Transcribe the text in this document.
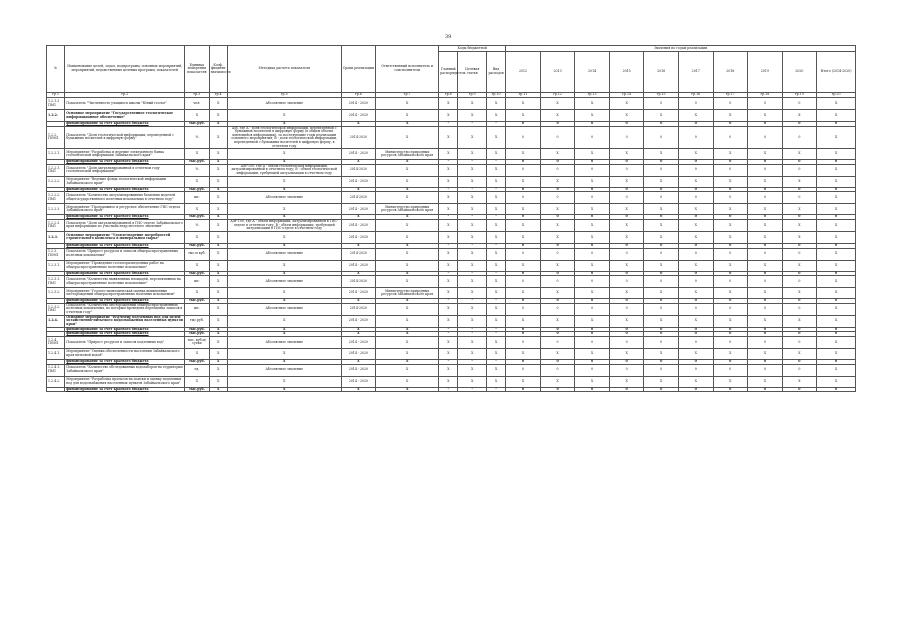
39
№	Наименование целей, задач, подпрограмм, основных мероприятий, мероприятий, ведомственных целевых программ, показателей	Единица измерения показателя	Коэф. фициент значимости	Методика расчета показателя	Сроки реализации	Ответственный исполнитель и соисполнители	Коды бюджетной			Значения по годам реализации									
							Главный распорядитель	Целевая статья	Вид расходов	2012	2013	2014	2015	2016	2017	2018	2019	2020	Итого (2014-2020)
гр.1	гр.2	гр.3	гр.4	гр.5	гр.6	гр.7	гр.8	гр.9	гр.10	гр.11	гр.12	гр.13	гр.14	гр.15	гр.16	гр.17	гр.18	гр.19	гр.20
1.2.1.3 ПМ1	Показатель "Численность учащихся школы "Юный геолог"	чел.	X	Абсолютное значение	2014 - 2020	X	X	X	X	X	X	X	X	0	0	0	0	0	X
1.2.2.	Основное мероприятие "Государственное геологическое информационное обеспечение"	X	X	X	2014 - 2020	X	X	X	X	X	X	X	X	X	X	X	X	X	X
	финансирование за счет краевого бюджета	тыс.руб.	X	X	X	X	-	-	-	0	0	0	0	0	0	0	0	0	0
1.2.2. ПОМ1	Показатель "Доля геологической информации, переведенной с бумажных носителей в цифровую форму"	%	X	A/B, где A - доля геологической информации, переведенной с бумажных носителей в цифровую форму (в общем объеме имеющейся информации), за последующие годы реализации основного мероприятия; B - доля геологической информации, переведенной с бумажных носителей в цифровую форму, в отчетном году	2014-2020	X	X	X	X	0	0	0	0	0	0	0	0	0	X
1.2.2.1.	Мероприятие "Разработка и ведение электронного банка геологической информации Забайкальского края"	X	X	X	2014 - 2020	Министерство природных ресурсов Забайкальского края	X	X	X	X	X	X	X	X	X	X	X	X	X
	финансирование за счет краевого бюджета	тыс.руб.	X	X	X	X	-	-	-	0	0	0	0	0	0	0	0	0	0
1.2.2.1. ПМ1	Показатель "Доля актуализированной в отчетном году геологической информации"	%	X	A/B*100, где A - объем геологической информации, актуализированной в отчетном году; B - объем геологической информации, требующей актуализации в отчетном году	2014-2020	X	X	X	X	0	0	0	0	0	0	0	0	0	X
1.2.2.2.	Мероприятие "Ведение фонда геологической информации Забайкальского края"	X	X	X	2014 - 2020	X	X	X	X	X	X	X	X	X	X	X	X	X	X
	финансирование за счет краевого бюджета	тыс.руб.	X	X	X	X	-	-	-	0	0	0	0	0	0	0	0	0	0
1.2.2.2. ПМ1	Показатель "Количество актуализированных базисных моделей общегосударственного полезных ископаемых в отчетном году"	шт.	X	Абсолютное значение	2014-2020	X	X	X	X	0	0	0	0	0	0	0	0	0	X
1.2.2.3.	Мероприятие "Программное и ресурсное обеспечение ГИС-отдела Забайкальского края"	X	X	X	2014 - 2020	Министерство природных ресурсов Забайкальского края	X	X	X	X	X	X	X	X	X	X	X	X	X
	финансирование за счет краевого бюджета	тыс.руб.	X	X	X	X	-	-	-	0	0	0	0	0	0	0	0	0	0
1.2.2.3. ПМ1	Показатель "Доля актуализированной в ГИС-отделе Забайкальского края информации по участкам недр местного значения"	%	X	A/B*100, где A - объем информации, актуализированной в ГИС-отделе в отчетном году; B - объем информации, требующей актуализации в ГИС-отделе в отчетном году	2014 - 2020	X	X	X	X	X	X	X	X	X	X	X	X	X	X
1.2.3.	Основное мероприятие "Удовлетворение потребностей строительного комплекса в минеральном сырье"	X	X	X	2014 - 2020	X	X	X	X	X	X	X	X	X	X	X	X	X	X
	финансирование за счет краевого бюджета	тыс.руб.	X	X	X	X	-	-	-	0	0	0	0	0	0	0	0	0	0
1.2.3. ПОМ1	Показатель "Прирост ресурсов и запасов общераспространенных полезных ископаемых"	тыс.м куб.	X	Абсолютное значение	2014-2020	X	X	X	X	0	0	0	0	0	0	0	0	0	X
1.2.3.1.	Мероприятие "Проведение геологоразведочных работ на общераспространенные полезные ископаемые"	X	X	X	2014 - 2020	X	X	X	X	X	X	X	X	X	X	X	X	X	X
	финансирование за счет краевого бюджета	тыс.руб.	X	X	X	X	-	-	-	0	0	0	0	0	0	0	0	0	0
1.2.3.1. ПМ1	Показатель "Количество выявленных площадей, перспективных на общераспространенные полезные ископаемые"	шт.	X	Абсолютное значение	2014-2020	X	X	X	X	0	0	0	0	0	0	0	0	0	X
1.2.3.2.	Мероприятие "Геолого-экономическая оценка выявленных месторождений общераспространенных полезных ископаемых"	X	X	X	2014 - 2020	Министерство природных ресурсов Забайкальского края	X	X	X	X	X	X	X	X	X	X	X	X	X
	финансирование за счет краевого бюджета	тыс.руб.	X	X	X	X	-	-	-	0	0	0	0	0	0	0	0	0	0
1.2.3.2. ПМ1	Показатель "Количество месторождений общераспространенных полезных ископаемых, по которым проведена переоценка запасов в отчетном году"	шт.	X	Абсолютное значение	2014-2020	X	X	X	X	0	0	0	0	0	0	0	0	0	X
1.2.4.	Основное мероприятие "Изучение подземных вод для целей хозяйственно-питьевого водоснабжения населенных пунктов края"	тыс.руб.	X	X	2014 - 2020	X	X	X	X	X	X	X	X	X	X	X	X	X	X
	финансирование за счет краевого бюджета	тыс.руб.	X	X	X	X	-	-	-	0	0	0	0	0	0	0	0	0	0
	финансирование за счет краевого бюджета	тыс.руб.	X	X	X	X	-	-	-	0	0	0	0	0	0	0	0	0	0
1.2.4. ПОМ1	Показатель "Прирост ресурсов и запасов подземных вод"	тыс. куб.м/сутки	X	Абсолютное значение	2014 - 2020	X	X	X	X	0	0	0	0	0	0	0	0	0	X
1.2.4.1.	Мероприятие "Оценка обеспеченности населения Забайкальского края питьевой водой"	X	X	X	2014 - 2020	X	X	X	X	X	X	X	X	X	X	X	X	X	X
	финансирование за счет краевого бюджета	тыс.руб.	X	X	X	X	-	-	-	0	0	0	0	0	0	0	0	0	0
1.2.4.1. ПМ1	Показатель "Количество обследованных водозаборов на территории Забайкальского края"	ед.	X	Абсолютное значение	2014 - 2020	X	X	X	X	0	0	0	0	0	0	0	0	0	X
1.2.4.2.	Мероприятие "Разработка проектов на поиски и оценку подземных вод для водоснабжения населенных пунктов Забайкальского края"	X	X	X	2014 - 2020	X	X	X	X	X	X	X	X	X	X	X	X	X	X
	финансирование за счет краевого бюджета	тыс.руб.	X	X	X	X	-	-	-	0	0	0	0	0	0	0	0	0	0
